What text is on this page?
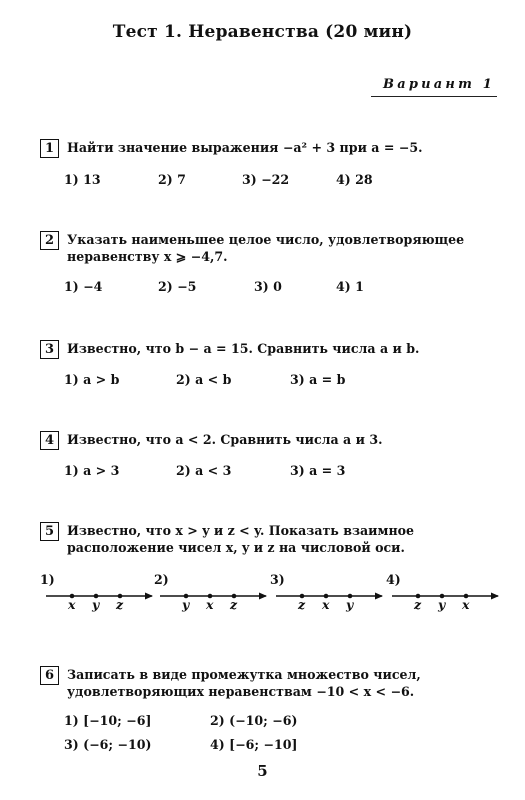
Тест 1. Неравенства (20 мин)
Вариант 1
1	Найти значение выражения −a² + 3 при a = −5.
1) 13	2) 7	3) −22	4) 28
2	Указать наименьшее целое число, удовлетворяющее неравенству x ⩾ −4,7.
1) −4	2) −5	3) 0	4) 1
3	Известно, что b − a = 15. Сравнить числа a и b.
1) a > b	2) a < b	3) a = b
4	Известно, что a < 2. Сравнить числа a и 3.
1) a > 3	2) a < 3	3) a = 3
5	Известно, что x > y и z < y. Показать взаимное расположение чисел x, y и z на числовой оси.
1)
x y z
2)
y x z
3)
z x y
4)
z y x
6	Записать в виде промежутка множество чисел, удовлетворяющих неравенствам −10 < x < −6.
1) [−10; −6]	2) (−10; −6)
3) (−6; −10)	4) [−6; −10]
5
